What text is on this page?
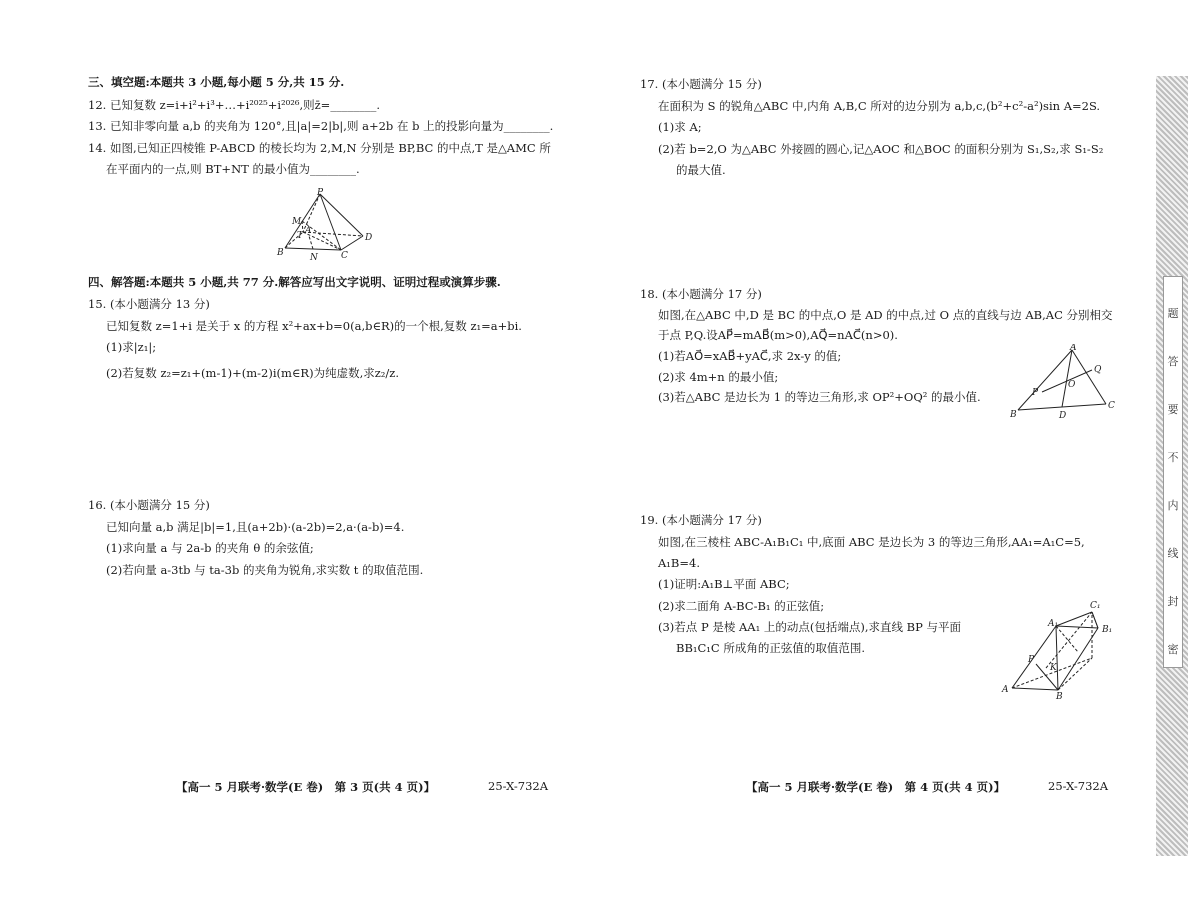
三、填空题:本题共 3 小题,每小题 5 分,共 15 分.
12. 已知复数 z=i+i²+i³+…+i²⁰²⁵+i²⁰²⁶,则z̄=________.
13. 已知非零向量 a,b 的夹角为 120°,且|a|=2|b|,则 a+2b 在 b 上的投影向量为________.
14. 如图,已知正四棱锥 P-ABCD 的棱长均为 2,M,N 分别是 BP,BC 的中点,T 是△AMC 所
在平面内的一点,则 BT+NT 的最小值为________.
P
M
T A
B	N	C
D
四、解答题:本题共 5 小题,共 77 分.解答应写出文字说明、证明过程或演算步骤.
15. (本小题满分 13 分)
已知复数 z=1+i 是关于 x 的方程 x²+ax+b=0(a,b∈R)的一个根,复数 z₁=a+bi.
(1)求|z₁|;
(2)若复数 z₂=z₁+(m-1)+(m-2)i(m∈R)为纯虚数,求z₂/z.
16. (本小题满分 15 分)
已知向量 a,b 满足|b|=1,且(a+2b)·(a-2b)=2,a·(a-b)=4.
(1)求向量 a 与 2a-b 的夹角 θ 的余弦值;
(2)若向量 a-3tb 与 ta-3b 的夹角为锐角,求实数 t 的取值范围.
【高一 5 月联考·数学(E 卷)　第 3 页(共 4 页)】	25-X-732A
17. (本小题满分 15 分)
在面积为 S 的锐角△ABC 中,内角 A,B,C 所对的边分别为 a,b,c,(b²+c²-a²)sin A=2S.
(1)求 A;
(2)若 b=2,O 为△ABC 外接圆的圆心,记△AOC 和△BOC 的面积分别为 S₁,S₂,求 S₁-S₂
的最大值.
18. (本小题满分 17 分)
如图,在△ABC 中,D 是 BC 的中点,O 是 AD 的中点,过 O 点的直线与边 AB,AC 分别相交
于点 P,Q.设AP⃗=mAB⃗(m>0),AQ⃗=nAC⃗(n>0).
(1)若AO⃗=xAB⃗+yAC⃗,求 2x-y 的值;
(2)求 4m+n 的最小值;
(3)若△ABC 是边长为 1 的等边三角形,求 OP²+OQ² 的最小值.
A
Q
O
P
B	D
C
19. (本小题满分 17 分)
如图,在三棱柱 ABC-A₁B₁C₁ 中,底面 ABC 是边长为 3 的等边三角形,AA₁=A₁C=5,
A₁B=4.
(1)证明:A₁B⊥平面 ABC;
(2)求二面角 A-BC-B₁ 的正弦值;
(3)若点 P 是棱 AA₁ 上的动点(包括端点),求直线 BP 与平面
BB₁C₁C 所成角的正弦值的取值范围.
C₁
A₁
B₁
P
A
K
B
【高一 5 月联考·数学(E 卷)　第 4 页(共 4 页)】	25-X-732A
密
封
线
内
不
要
答
题
